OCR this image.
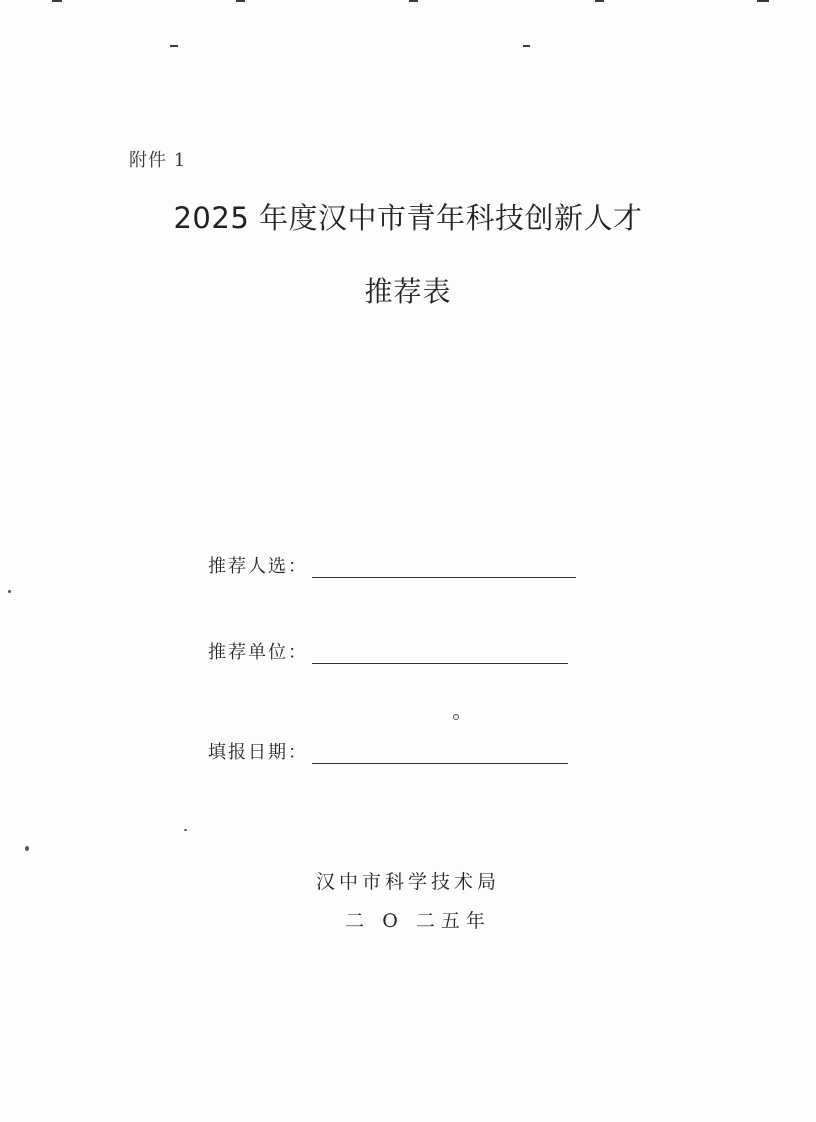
附件 1
2025 年度汉中市青年科技创新人才
推荐表
推荐人选：
推荐单位：
填报日期：
汉中市科学技术局
二 O 二五年
